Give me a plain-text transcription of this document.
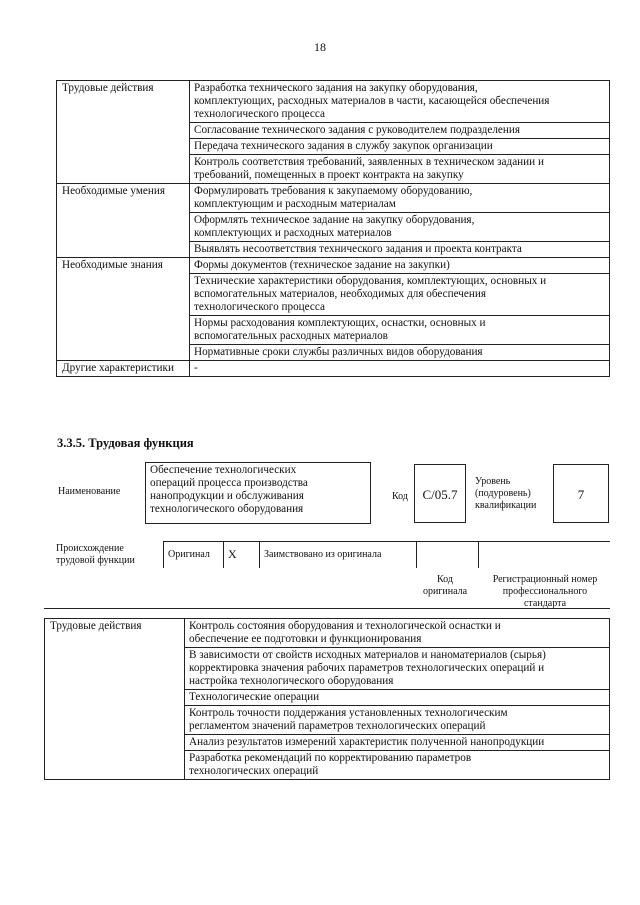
18
Трудовые действия	Разработка технического задания на закупку оборудования,
комплектующих, расходных материалов в части, касающейся обеспечения
технологического процесса

	Согласование технического задания с руководителем подразделения

	Передача технического задания в службу закупок организации

	Контроль соответствия требований, заявленных в техническом задании и
требований, помещенных в проект контракта на закупку

Необходимые умения	Формулировать требования к закупаемому оборудованию,
комплектующим и расходным материалам

	Оформлять техническое задание на закупку оборудования,
комплектующих и расходных материалов

	Выявлять несоответствия технического задания и проекта контракта

Необходимые знания	Формы документов (техническое задание на закупки)

	Технические характеристики оборудования, комплектующих, основных и
вспомогательных материалов, необходимых для обеспечения
технологического процесса

	Нормы расходования комплектующих, оснастки, основных и
вспомогательных расходных материалов

	Нормативные сроки службы различных видов оборудования

Другие характеристики	-
3.3.5. Трудовая функция
Наименование
Обеспечение технологических
операций процесса производства
нанопродукции и обслуживания
технологического оборудования
Код	C/05.7
Уровень
(подуровень)
квалификации
7
Происхождение
трудовой функции
Оригинал	X	Заимствовано из оригинала
Код
оригинала
Регистрационный номер
профессионального
стандарта
Трудовые действия	Контроль состояния оборудования и технологической оснастки и
обеспечение ее подготовки и функционирования

В зависимости от свойств исходных материалов и наноматериалов (сырья)
корректировка значения рабочих параметров технологических операций и
настройка технологического оборудования

Технологические операции

Контроль точности поддержания установленных технологическим
регламентом значений параметров технологических операций

Анализ результатов измерений характеристик полученной нанопродукции

Разработка рекомендаций по корректированию параметров
технологических операций
